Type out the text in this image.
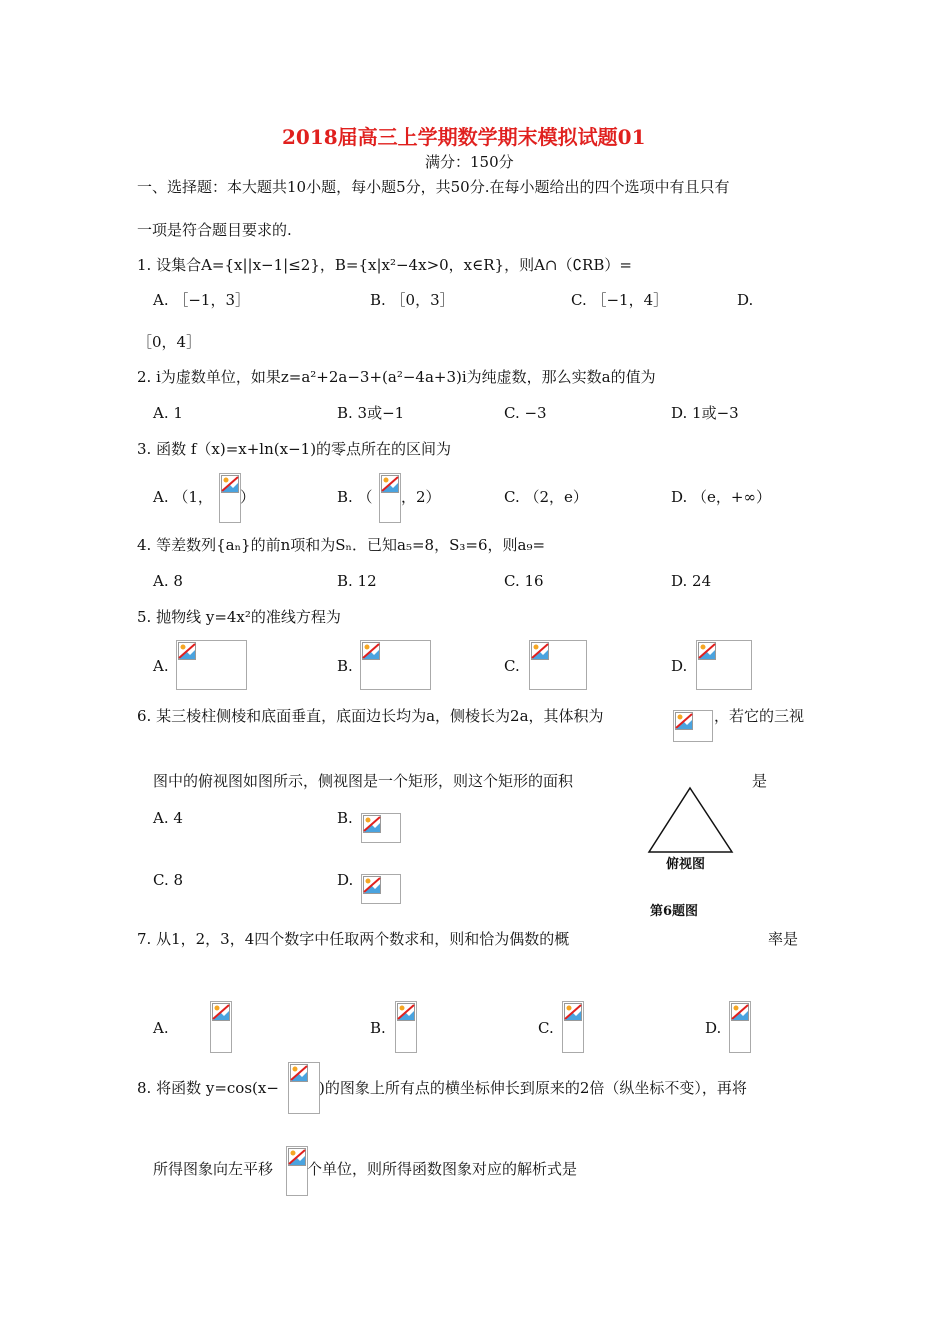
2018届高三上学期数学期末模拟试题01
满分：150分
一、选择题：本大题共10小题，每小题5分，共50分.在每小题给出的四个选项中有且只有
一项是符合题目要求的.
1. 设集合A={x||x−1|≤2}，B={x|x²−4x>0，x∈R}，则A∩（∁RB）=
A. ［−1，3］	B. ［0，3］	C. ［−1，4］	D.
［0，4］
2. i为虚数单位，如果z=a²+2a−3+(a²−4a+3)i为纯虚数，那么实数a的值为
A. 1	B. 3或−1	C. −3	D. 1或−3
3. 函数 f（x)=x+ln(x−1)的零点所在的区间为
A. （1， ）	B. （ ，2）	C. （2，e）	D. （e，+∞）
4. 等差数列{aₙ}的前n项和为Sₙ．已知a₅=8，S₃=6，则a₉=
A. 8	B. 12	C. 16	D. 24
5. 抛物线 y=4x²的准线方程为
A.	B.	C.	D.
6. 某三棱柱侧棱和底面垂直，底面边长均为a，侧棱长为2a，其体积为	，若它的三视
图中的俯视图如图所示，侧视图是一个矩形，则这个矩形的面积	是
A. 4	B.
C. 8	D.
俯视图
第6题图
7. 从1，2，3，4四个数字中任取两个数求和，则和恰为偶数的概	率是
A.	B.	C.	D.
8. 将函数 y=cos(x−	)的图象上所有点的横坐标伸长到原来的2倍（纵坐标不变），再将
所得图象向左平移 个单位，则所得函数图象对应的解析式是
